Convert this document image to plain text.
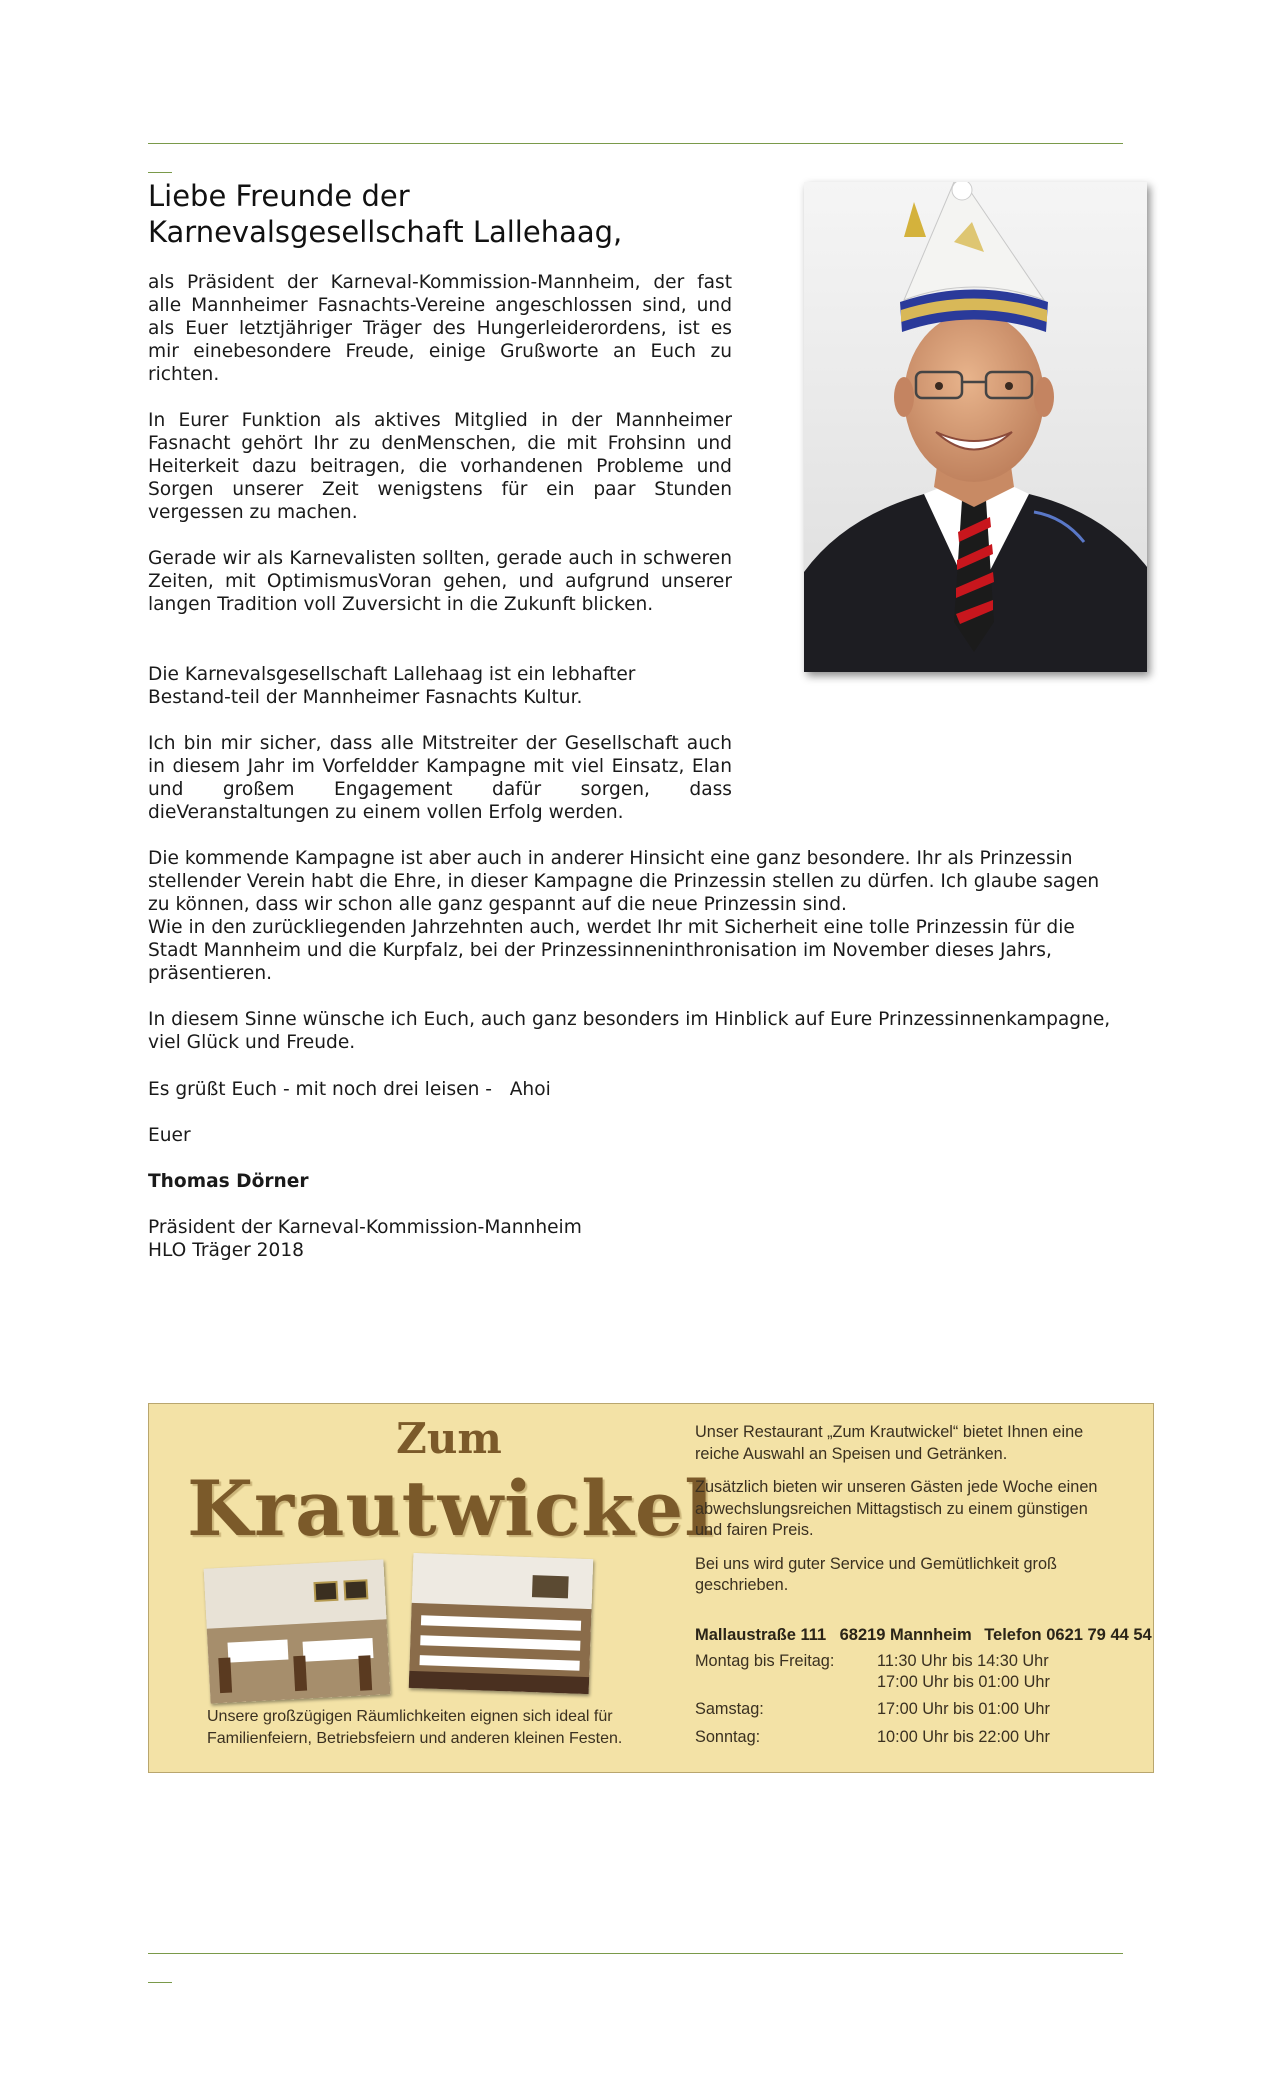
Liebe Freunde der
Karnevalsgesellschaft Lallehaag,
als Präsident der Karneval-Kommission-Mannheim, der fast alle Mannheimer Fasnachts-Vereine angeschlossen sind, und als Euer letztjähriger Träger des Hungerleiderordens, ist es mir einebesondere Freude, einige Grußworte an Euch zu richten.
In Eurer Funktion als aktives Mitglied in der Mannheimer Fasnacht gehört Ihr zu denMenschen, die mit Frohsinn und Heiterkeit dazu beitragen, die vorhandenen Probleme und Sorgen unserer Zeit wenigstens für ein paar Stunden vergessen zu machen.
Gerade wir als Karnevalisten sollten, gerade auch in schweren Zeiten, mit OptimismusVoran gehen, und aufgrund unserer langen Tradition voll Zuversicht in die Zukunft blicken.
Die Karnevalsgesellschaft Lallehaag ist ein lebhafter
Bestand-teil der Mannheimer Fasnachts Kultur.
Ich bin mir sicher, dass alle Mitstreiter der Gesellschaft auch in diesem Jahr im Vorfeldder Kampagne mit viel Einsatz, Elan und großem Engagement dafür sorgen, dass dieVeranstaltungen zu einem vollen Erfolg werden.
Die kommende Kampagne ist aber auch in anderer Hinsicht eine ganz besondere. Ihr als Prinzessin
stellender Verein habt die Ehre, in dieser Kampagne die Prinzessin stellen zu dürfen. Ich glaube sagen
zu können, dass wir schon alle ganz gespannt auf die neue Prinzessin sind.
Wie in den zurückliegenden Jahrzehnten auch, werdet Ihr mit Sicherheit eine tolle Prinzessin für die
Stadt Mannheim und die Kurpfalz, bei der Prinzessinneninthronisation im November dieses Jahrs,
präsentieren.
In diesem Sinne wünsche ich Euch, auch ganz besonders im Hinblick auf Eure Prinzessinnenkampagne,
viel Glück und Freude.
Es grüßt Euch - mit noch drei leisen -   Ahoi
Euer
Thomas Dörner
Präsident der Karneval-Kommission-Mannheim
HLO Träger 2018
Zum
Krautwickel
Unsere großzügigen Räumlichkeiten eignen sich ideal für
Familienfeiern, Betriebsfeiern und anderen kleinen Festen.

Unser Restaurant „Zum Krautwickel“ bietet Ihnen eine
reiche Auswahl an Speisen und Getränken.

Zusätzlich bieten wir unseren Gästen jede Woche einen
abwechslungsreichen Mittagstisch zu einem günstigen
und fairen Preis.

Bei uns wird guter Service und Gemütlichkeit groß geschrieben.

Mallaustraße 111 68219 Mannheim Telefon 0621 79 44 54
Montag bis Freitag:	11:30 Uhr bis 14:30 Uhr
17:00 Uhr bis 01:00 Uhr
Samstag:	17:00 Uhr bis 01:00 Uhr
Sonntag:	10:00 Uhr bis 22:00 Uhr
